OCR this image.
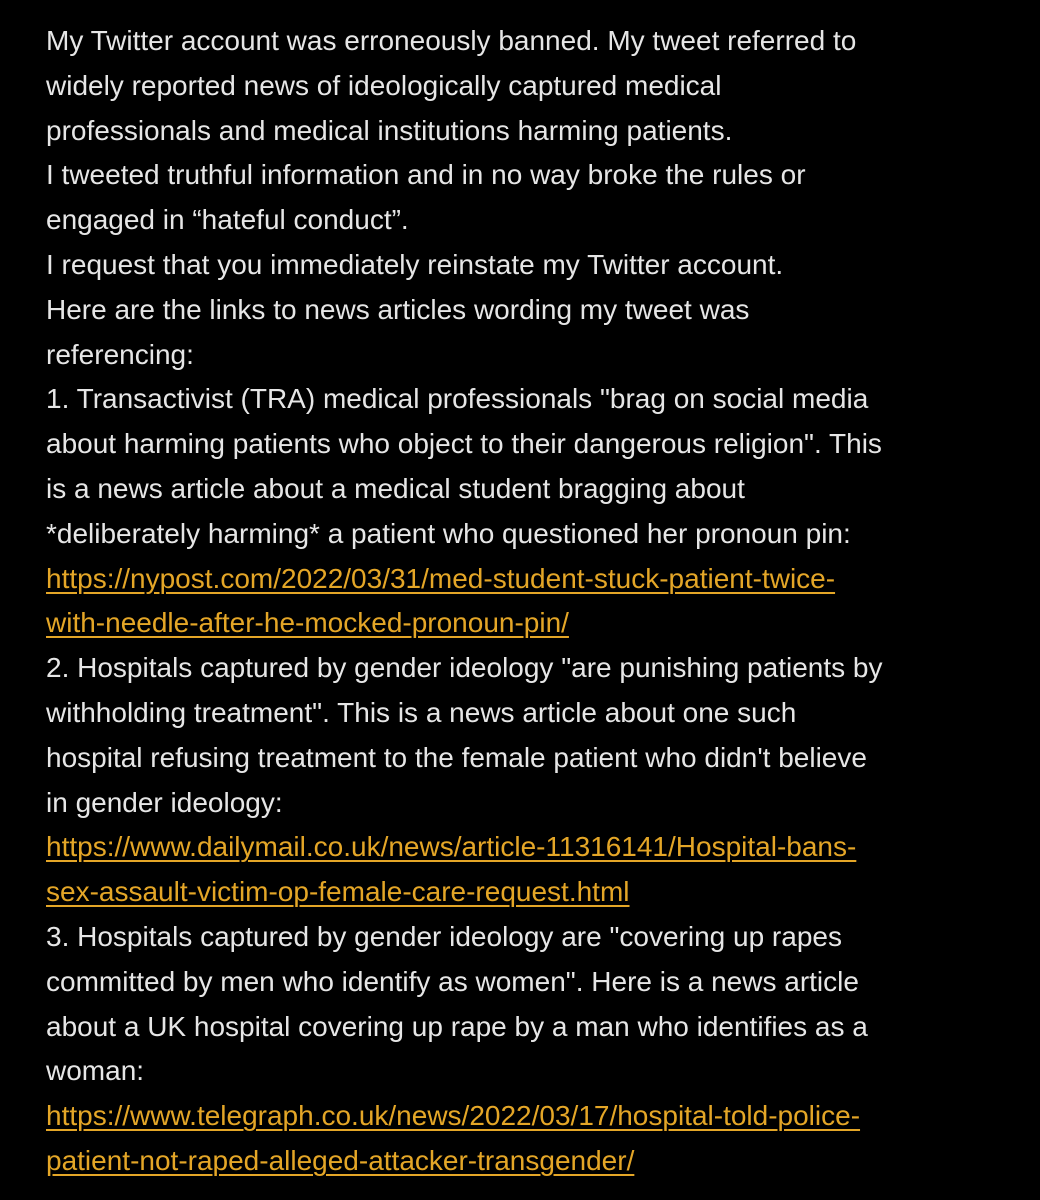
My Twitter account was erroneously banned. My tweet referred to
widely reported news of ideologically captured medical
professionals and medical institutions harming patients.
I tweeted truthful information and in no way broke the rules or
engaged in “hateful conduct”.
I request that you immediately reinstate my Twitter account.
Here are the links to news articles wording my tweet was
referencing:
1. Transactivist (TRA) medical professionals "brag on social media
about harming patients who object to their dangerous religion". This
is a news article about a medical student bragging about
*deliberately harming* a patient who questioned her pronoun pin:
https://nypost.com/2022/03/31/med-student-stuck-patient-twice-
with-needle-after-he-mocked-pronoun-pin/
2. Hospitals captured by gender ideology "are punishing patients by
withholding treatment". This is a news article about one such
hospital refusing treatment to the female patient who didn't believe
in gender ideology:
https://www.dailymail.co.uk/news/article-11316141/Hospital-bans-
sex-assault-victim-op-female-care-request.html
3. Hospitals captured by gender ideology are "covering up rapes
committed by men who identify as women". Here is a news article
about a UK hospital covering up rape by a man who identifies as a
woman:
https://www.telegraph.co.uk/news/2022/03/17/hospital-told-police-
patient-not-raped-alleged-attacker-transgender/
